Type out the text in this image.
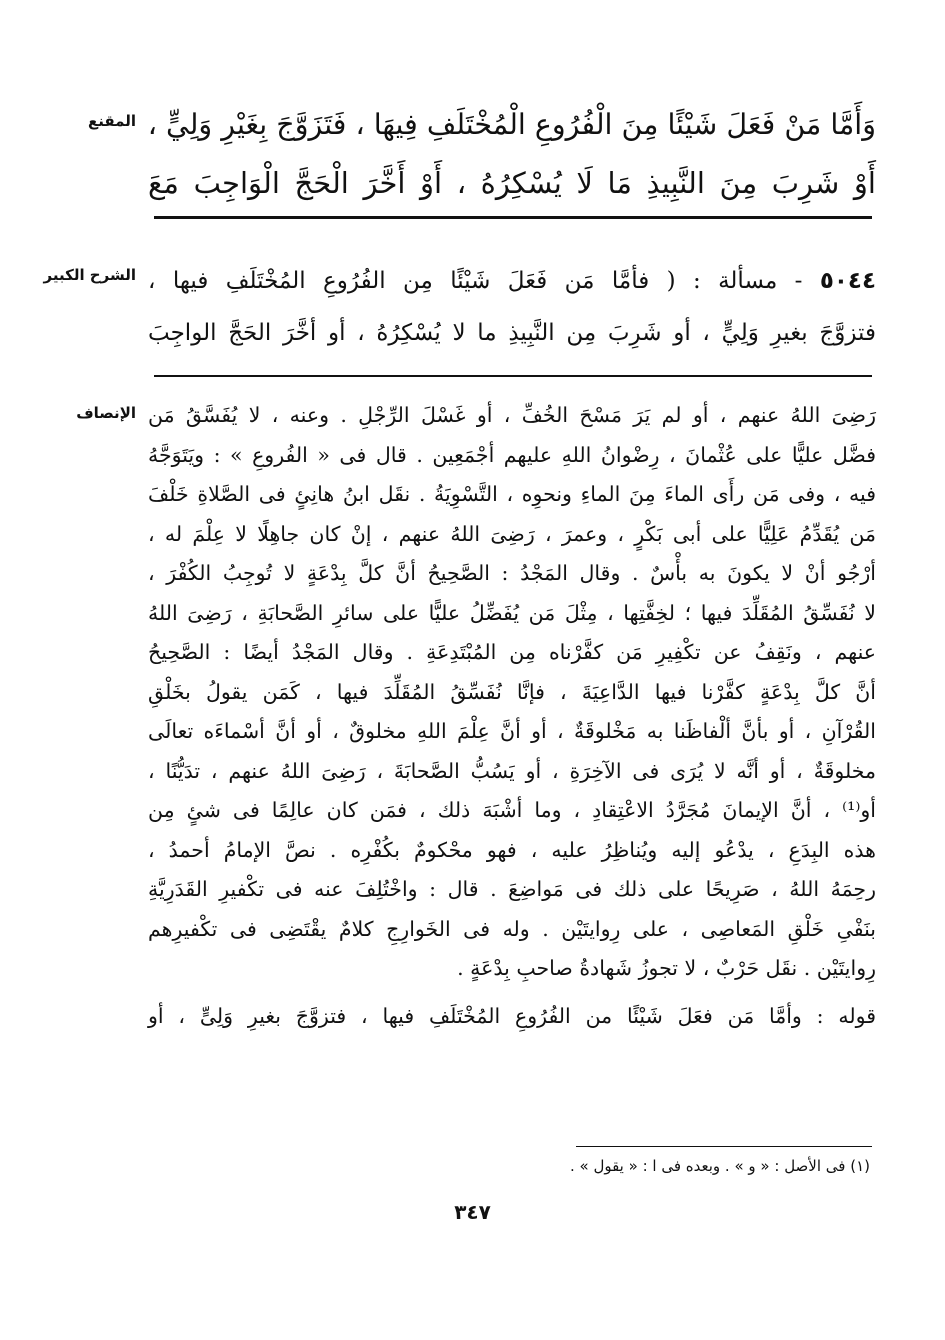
المقنع وَأَمَّا مَنْ فَعَلَ شَيْئًا مِنَ الْفُرُوعِ الْمُخْتَلَفِ فِيهَا ، فَتَزَوَّجَ بِغَيْرِ وَلِيٍّ ،
أَوْ شَرِبَ مِنَ النَّبِيذِ مَا لَا يُسْكِرُهُ ، أَوْ أَخَّرَ الْحَجَّ الْوَاجِبَ مَعَ
الشرح الكبير	٥٠٤٤ - مسألة : ( فأمَّا مَن فَعَلَ شَيْئًا مِن الفُرُوعِ المُخْتَلَفِ فيها ،
فتزوَّجَ بغيرِ وَلِيٍّ ، أو شَرِبَ مِن النَّبِيذِ ما لا يُسْكِرُهُ ، أو أخَّرَ الحَجَّ الواجِبَ
الإنصاف رَضِىَ اللهُ عنهم ، أو لم يَرَ مَسْحَ الخُفِّ ، أو غَسْلَ الرِّجْلِ . وعنه ، لا يُفَسَّقُ مَن
فضَّل عليًّا على عُثْمانَ ، رِضْوانُ اللهِ عليهم أجْمَعِين . قال فى « الفُروعِ » : ويَتَوَجَّهُ
فيه ، وفى مَن رأَى الماءَ مِنَ الماءِ ونحوِه ، التَّسْوِيَةُ . نقَل ابنُ هانِئٍ فى الصَّلاةِ خَلْفَ
مَن يُقَدِّمُ عَلِيًّا على أبى بَكْرٍ ، وعمرَ ، رَضِىَ اللهُ عنهم ، إنْ كان جاهِلًا لا عِلْمَ له ،
أرْجُو أنْ لا يكونَ به بأْسٌ . وقال المَجْدُ : الصَّحِيحُ أنَّ كلَّ بِدْعَةٍ لا تُوجِبُ الكُفْرَ ،
لا نُفَسِّقُ المُقَلِّدَ فيها ؛ لخِفَّتِها ، مِثْلَ مَن يُفَضِّلُ عليًّا على سائرِ الصَّحابَةِ ، رَضِىَ اللهُ
عنهم ، ونَقِفُ عن تكْفِيرِ مَن كفَّرْناه مِن المُبْتَدِعَةِ . وقال المَجْدُ أيضًا : الصَّحِيحُ
أنَّ كلَّ بِدْعَةٍ كفَّرْنا فيها الدَّاعِيَةَ ، فإنَّا نُفَسِّقُ المُقَلِّدَ فيها ، كَمَن يقولُ بخَلْقِ
القُرْآنِ ، أو بأنَّ ألْفاظَنا به مَخْلوقَةٌ ، أو أنَّ عِلْمَ اللهِ مخلوقٌ ، أو أنَّ أسْماءَه تعالَى
مخلوقَةٌ ، أو أنَّه لا يُرَى فى الآخِرَةِ ، أو يَسُبُّ الصَّحابَةَ ، رَضِىَ اللهُ عنهم ، تدَيُّنًا ،
أو⁽¹⁾ ، أنَّ الإيمانَ مُجَرَّدُ الاعْتِقادِ ، وما أشْبَهَ ذلك ، فمَن كان عالِمًا فى شئٍ مِن
هذه البِدَعِ ، يدْعُو إليه ويُناظِرُ عليه ، فهو محْكومٌ بكُفْرِه . نصَّ الإمامُ أحمدُ ،
رحِمَهُ اللهُ ، صَرِيحًا على ذلك فى مَواضِعَ . قال : واخْتُلِفَ عنه فى تكْفيرِ القَدَرِيَّةِ
بنَفْىِ خَلْقِ المَعاصِى ، على رِوايتَيْن . وله فى الخَوارِجِ كلامٌ يقْتَضِى فى تكْفيرِهم
رِوايتَيْن . نقَل حَرْبٌ ، لا تجوزُ شَهادةُ صاحبِ بِدْعَةٍ .
قوله : وأمَّا مَن فعَلَ شَيْئًا من الفُرُوعِ المُخْتَلَفِ فيها ، فتزوَّجَ بغيرِ وَلِىٍّ ، أو
(١) فى الأصل : « و » . وبعده فى ا : « يقول » .
٣٤٧
